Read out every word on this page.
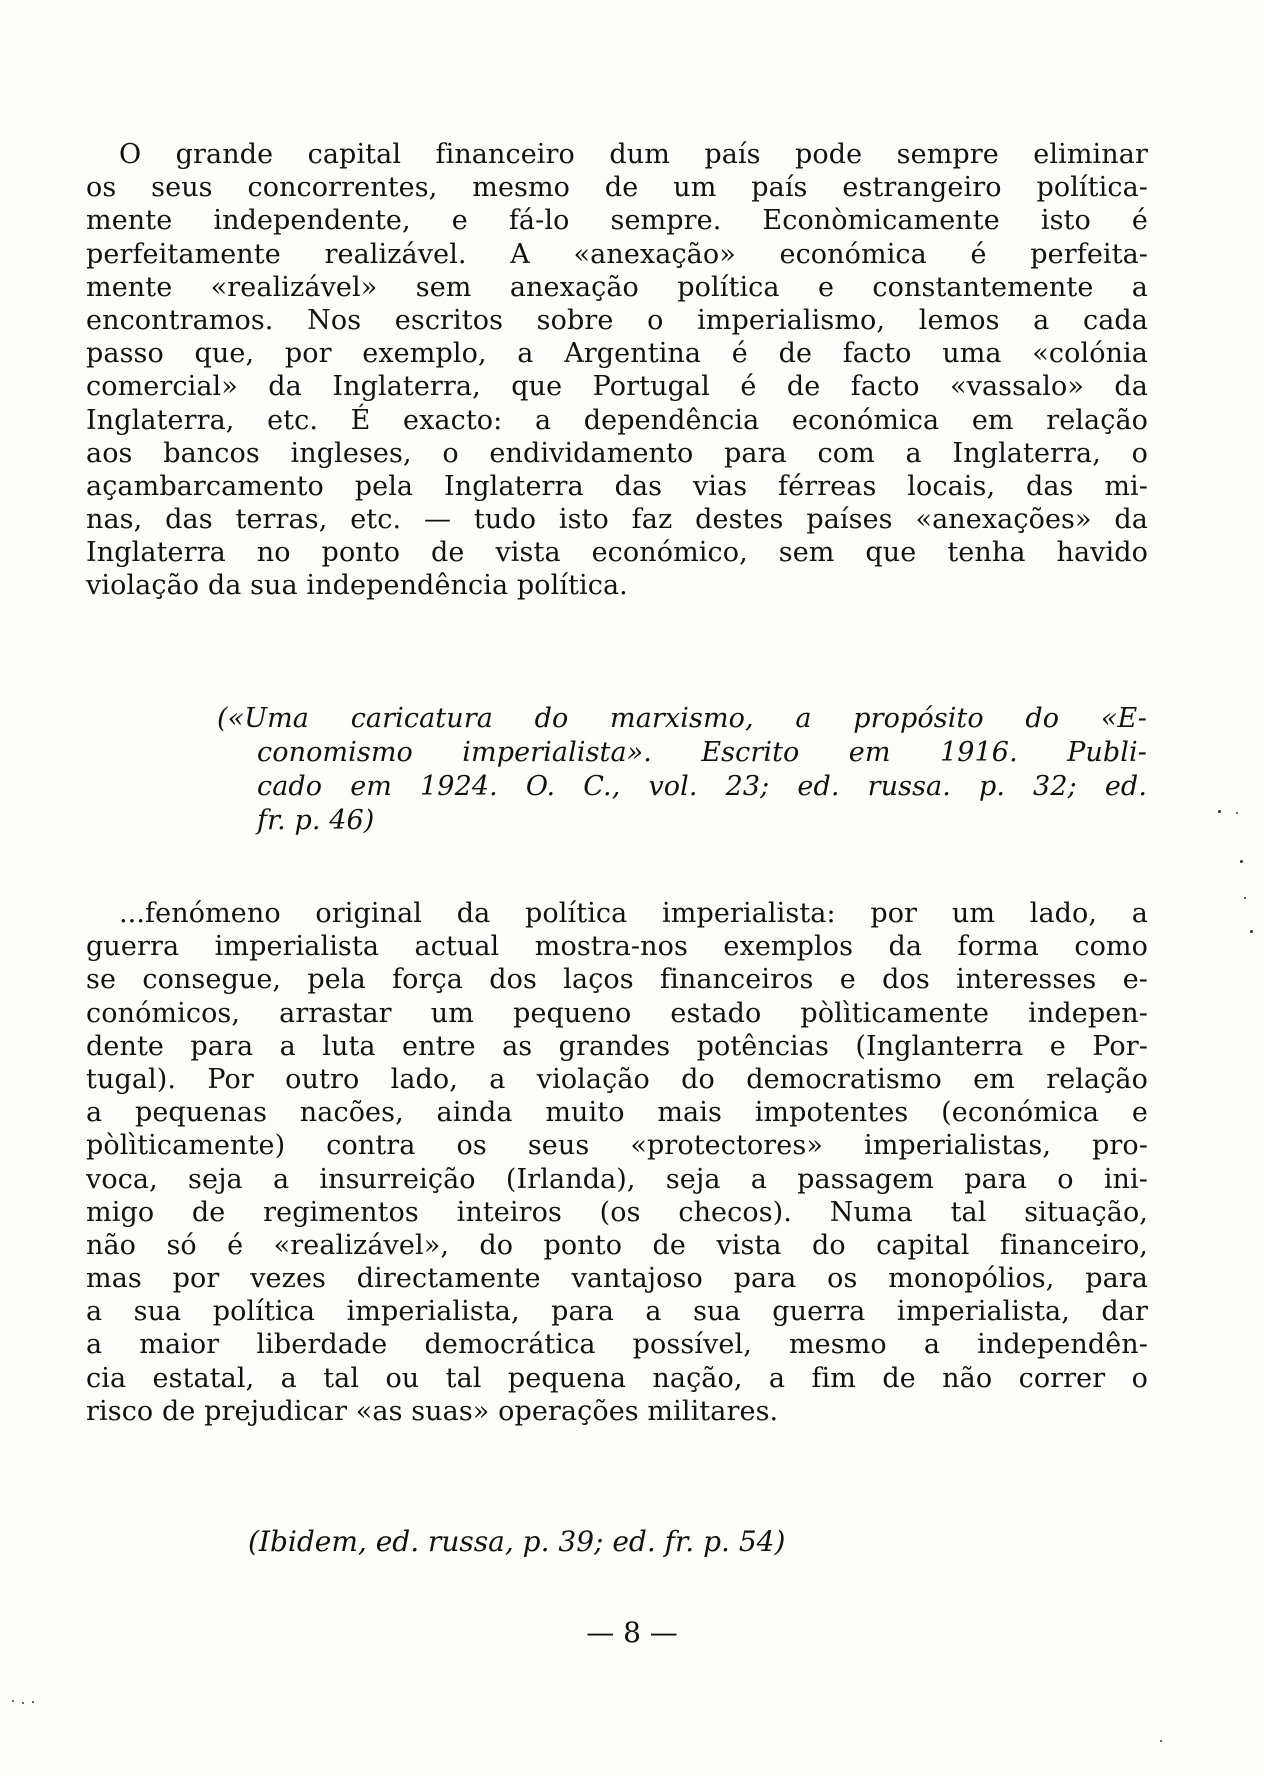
O grande capital financeiro dum país pode sempre eliminar
os seus concorrentes, mesmo de um país estrangeiro política-
mente independente, e fá-lo sempre. Econòmicamente isto é
perfeitamente realizável. A «anexação» económica é perfeita-
mente «realizável» sem anexação política e constantemente a
encontramos. Nos escritos sobre o imperialismo, lemos a cada
passo que, por exemplo, a Argentina é de facto uma «colónia
comercial» da Inglaterra, que Portugal é de facto «vassalo» da
Inglaterra, etc. É exacto: a dependência económica em relação
aos bancos ingleses, o endividamento para com a Inglaterra, o
açambarcamento pela Inglaterra das vias férreas locais, das mi-
nas, das terras, etc. — tudo isto faz destes países «anexações» da
Inglaterra no ponto de vista económico, sem que tenha havido
violação da sua independência política.
(«Uma caricatura do marxismo, a propósito do «E-
conomismo imperialista». Escrito em 1916. Publi-
cado em 1924. O. C., vol. 23; ed. russa. p. 32; ed.
fr. p. 46)
...fenómeno original da política imperialista: por um lado, a
guerra imperialista actual mostra-nos exemplos da forma como
se consegue, pela força dos laços financeiros e dos interesses e-
conómicos, arrastar um pequeno estado pòlìticamente indepen-
dente para a luta entre as grandes potências (Inglanterra e Por-
tugal). Por outro lado, a violação do democratismo em relação
a pequenas nacões, ainda muito mais impotentes (económica e
pòlìticamente) contra os seus «protectores» imperialistas, pro-
voca, seja a insurreição (Irlanda), seja a passagem para o ini-
migo de regimentos inteiros (os checos). Numa tal situação,
não só é «realizável», do ponto de vista do capital financeiro,
mas por vezes directamente vantajoso para os monopólios, para
a sua política imperialista, para a sua guerra imperialista, dar
a maior liberdade democrática possível, mesmo a independên-
cia estatal, a tal ou tal pequena nação, a fim de não correr o
risco de prejudicar «as suas» operações militares.
(Ibidem, ed. russa, p. 39; ed. fr. p. 54)
— 8 —
